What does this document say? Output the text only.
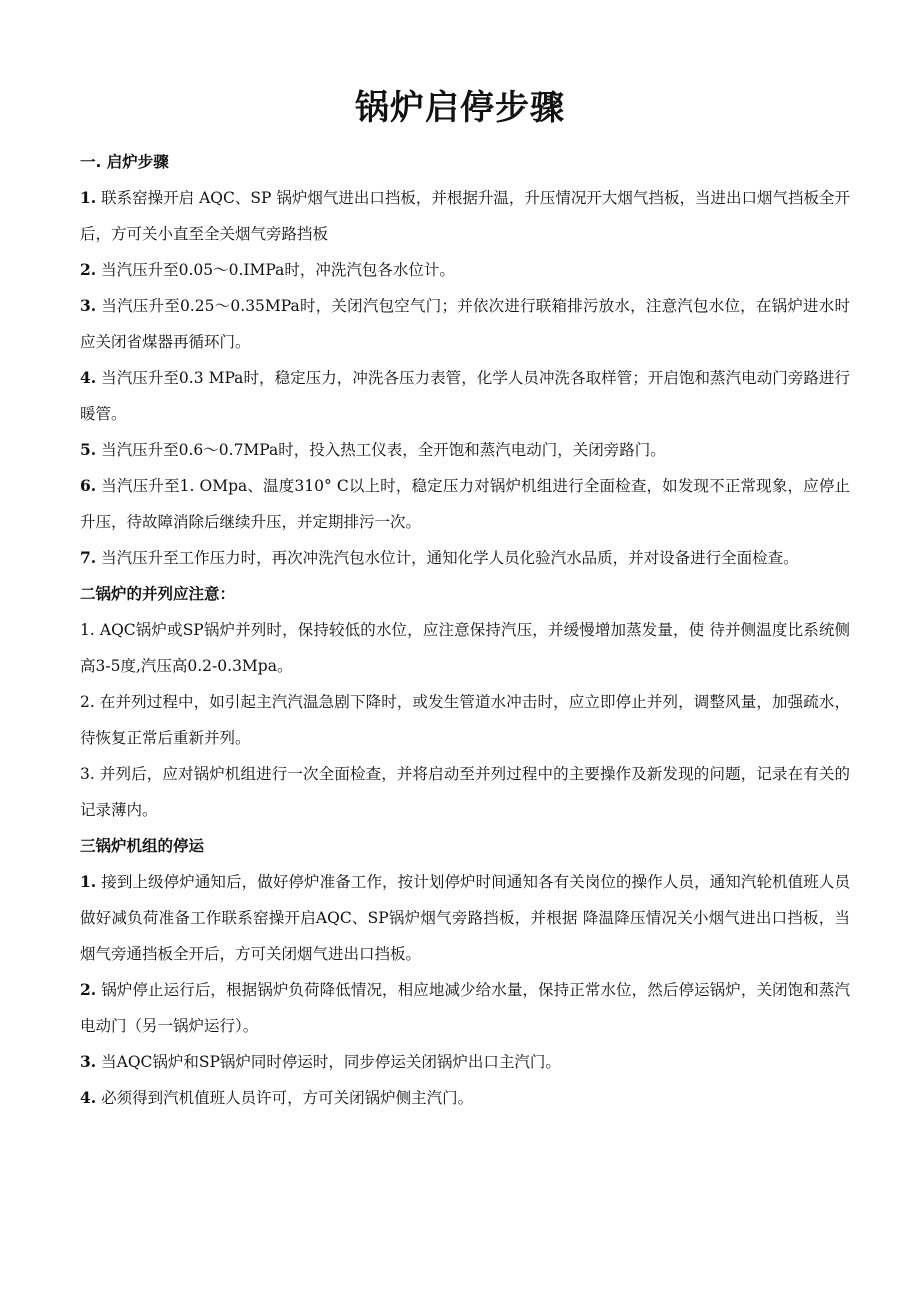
锅炉启停步骤

一. 启炉步骤

1. 联系窑操开启 AQC、SP 锅炉烟气进出口挡板，并根据升温，升压情况开大烟气挡板，当进出口烟气挡板全开后，方可关小直至全关烟气旁路挡板

2. 当汽压升至0.05～0.IMPa时，冲洗汽包各水位计。

3. 当汽压升至0.25～0.35MPa时，关闭汽包空气门；并依次进行联箱排污放水，注意汽包水位，在锅炉进水时应关闭省煤器再循环门。

4. 当汽压升至0.3 MPa时，稳定压力，冲洗各压力表管，化学人员冲洗各取样管；开启饱和蒸汽电动门旁路进行暖管。

5. 当汽压升至0.6～0.7MPa时，投入热工仪表，全开饱和蒸汽电动门，关闭旁路门。

6. 当汽压升至1. OMpa、温度310° C以上时，稳定压力对锅炉机组进行全面检查，如发现不正常现象，应停止升压，待故障消除后继续升压，并定期排污一次。

7. 当汽压升至工作压力时，再次冲洗汽包水位计，通知化学人员化验汽水品质，并对设备进行全面检查。

二锅炉的并列应注意：

1. AQC锅炉或SP锅炉并列时，保持较低的水位，应注意保持汽压，并缓慢增加蒸发量，使 待并侧温度比系统侧高3-5度,汽压高0.2-0.3Mpa。

2. 在并列过程中，如引起主汽汽温急剧下降时，或发生管道水冲击时，应立即停止并列，调整风量，加强疏水，待恢复正常后重新并列。

3. 并列后，应对锅炉机组进行一次全面检查，并将启动至并列过程中的主要操作及新发现的问题，记录在有关的记录薄内。

三锅炉机组的停运

1. 接到上级停炉通知后，做好停炉准备工作，按计划停炉时间通知各有关岗位的操作人员，通知汽轮机值班人员做好减负荷准备工作联系窑操开启AQC、SP锅炉烟气旁路挡板，并根据 降温降压情况关小烟气进出口挡板，当烟气旁通挡板全开后，方可关闭烟气进出口挡板。

2. 锅炉停止运行后，根据锅炉负荷降低情况，相应地减少给水量，保持正常水位，然后停运锅炉，关闭饱和蒸汽电动门（另一锅炉运行）。

3. 当AQC锅炉和SP锅炉同时停运时，同步停运关闭锅炉出口主汽门。

4. 必须得到汽机值班人员许可，方可关闭锅炉侧主汽门。
